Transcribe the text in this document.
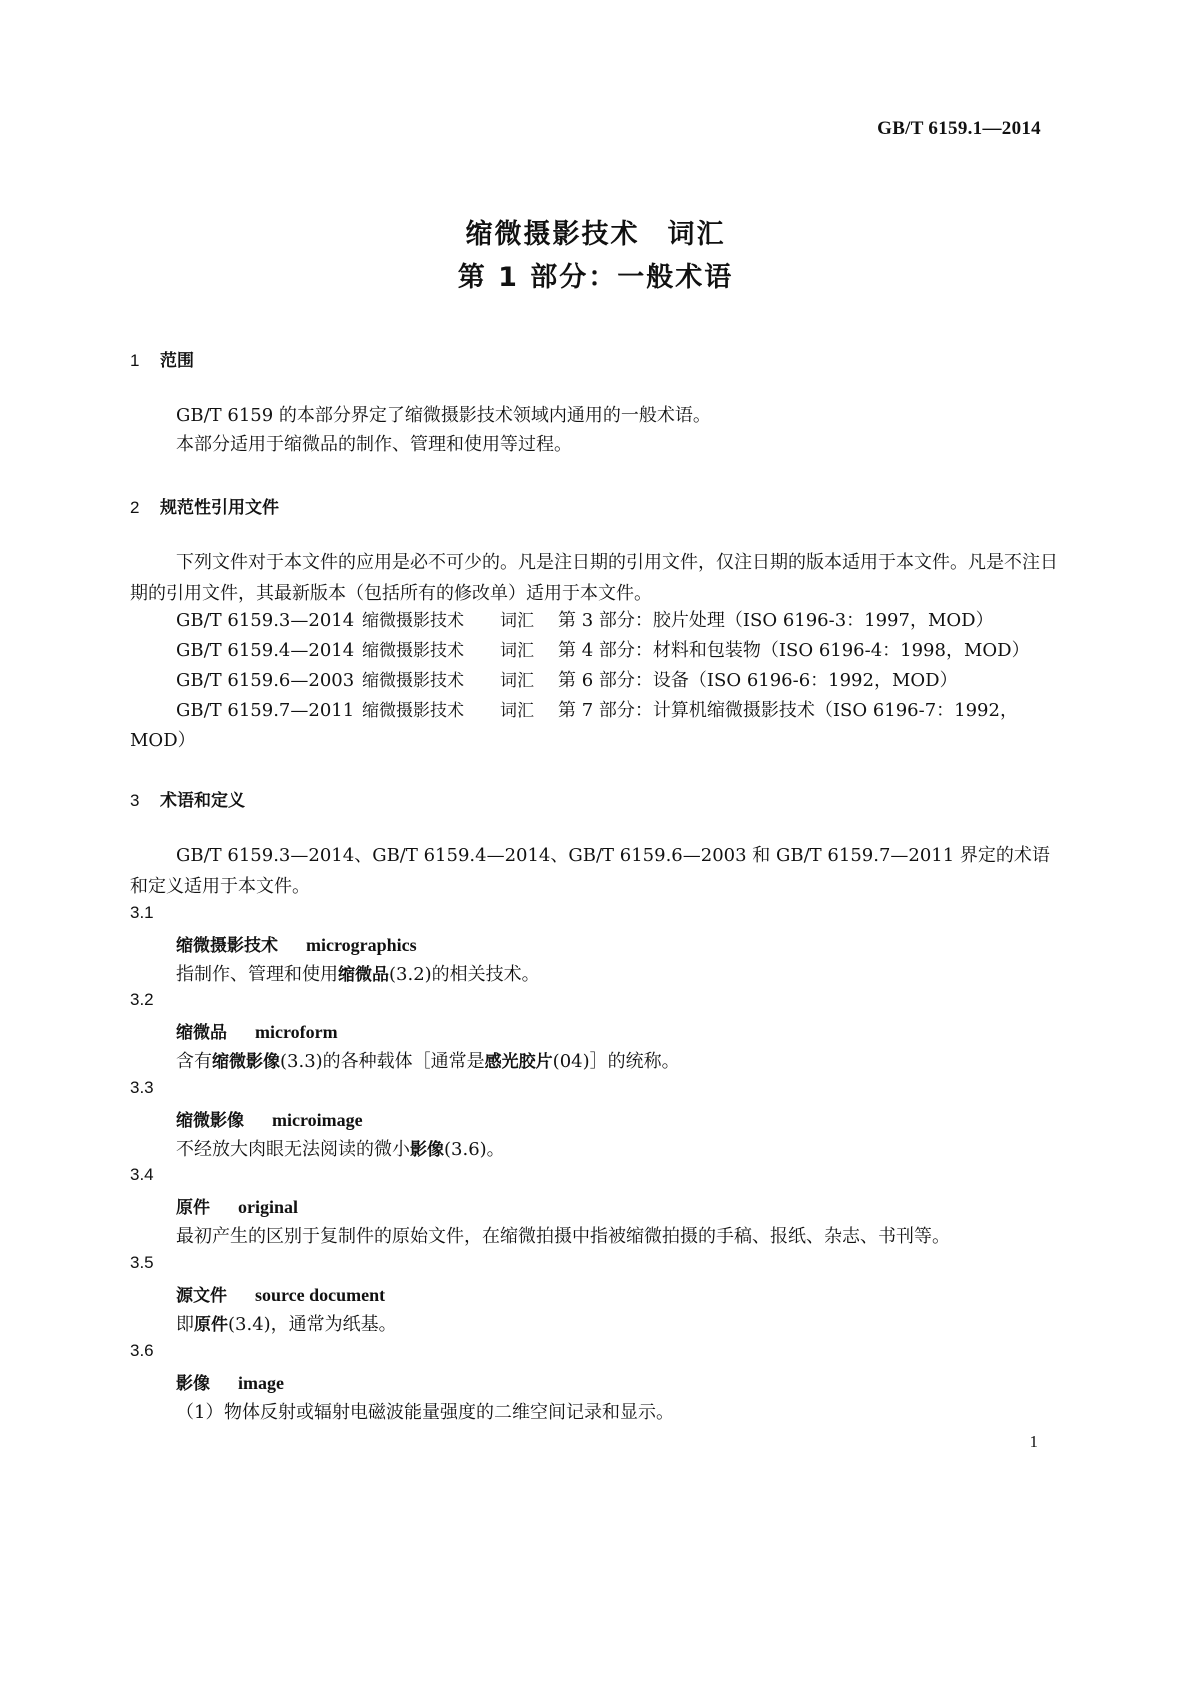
GB/T 6159.1—2014
缩微摄影技术 词汇
第 1 部分：一般术语
1 范围
GB/T 6159 的本部分界定了缩微摄影技术领域内通用的一般术语。
本部分适用于缩微品的制作、管理和使用等过程。
2 规范性引用文件
下列文件对于本文件的应用是必不可少的。凡是注日期的引用文件，仅注日期的版本适用于本文件。凡是不注日期的引用文件，其最新版本（包括所有的修改单）适用于本文件。
GB/T 6159.3—2014 缩微摄影技术 词汇 第 3 部分：胶片处理（ISO 6196-3：1997，MOD）
GB/T 6159.4—2014 缩微摄影技术 词汇 第 4 部分：材料和包装物（ISO 6196-4：1998，MOD）
GB/T 6159.6—2003 缩微摄影技术 词汇 第 6 部分：设备（ISO 6196-6：1992，MOD）
GB/T 6159.7—2011 缩微摄影技术 词汇 第 7 部分：计算机缩微摄影技术（ISO 6196-7：1992，
MOD）
3 术语和定义
GB/T 6159.3—2014、GB/T 6159.4—2014、GB/T 6159.6—2003 和 GB/T 6159.7—2011 界定的术语和定义适用于本文件。
3.1
缩微摄影技术 micrographics
指制作、管理和使用缩微品(3.2)的相关技术。
3.2
缩微品 microform
含有缩微影像(3.3)的各种载体［通常是感光胶片(04)］的统称。
3.3
缩微影像 microimage
不经放大肉眼无法阅读的微小影像(3.6)。
3.4
原件 original
最初产生的区别于复制件的原始文件，在缩微拍摄中指被缩微拍摄的手稿、报纸、杂志、书刊等。
3.5
源文件 source document
即原件(3.4)，通常为纸基。
3.6
影像 image
（1）物体反射或辐射电磁波能量强度的二维空间记录和显示。
1
